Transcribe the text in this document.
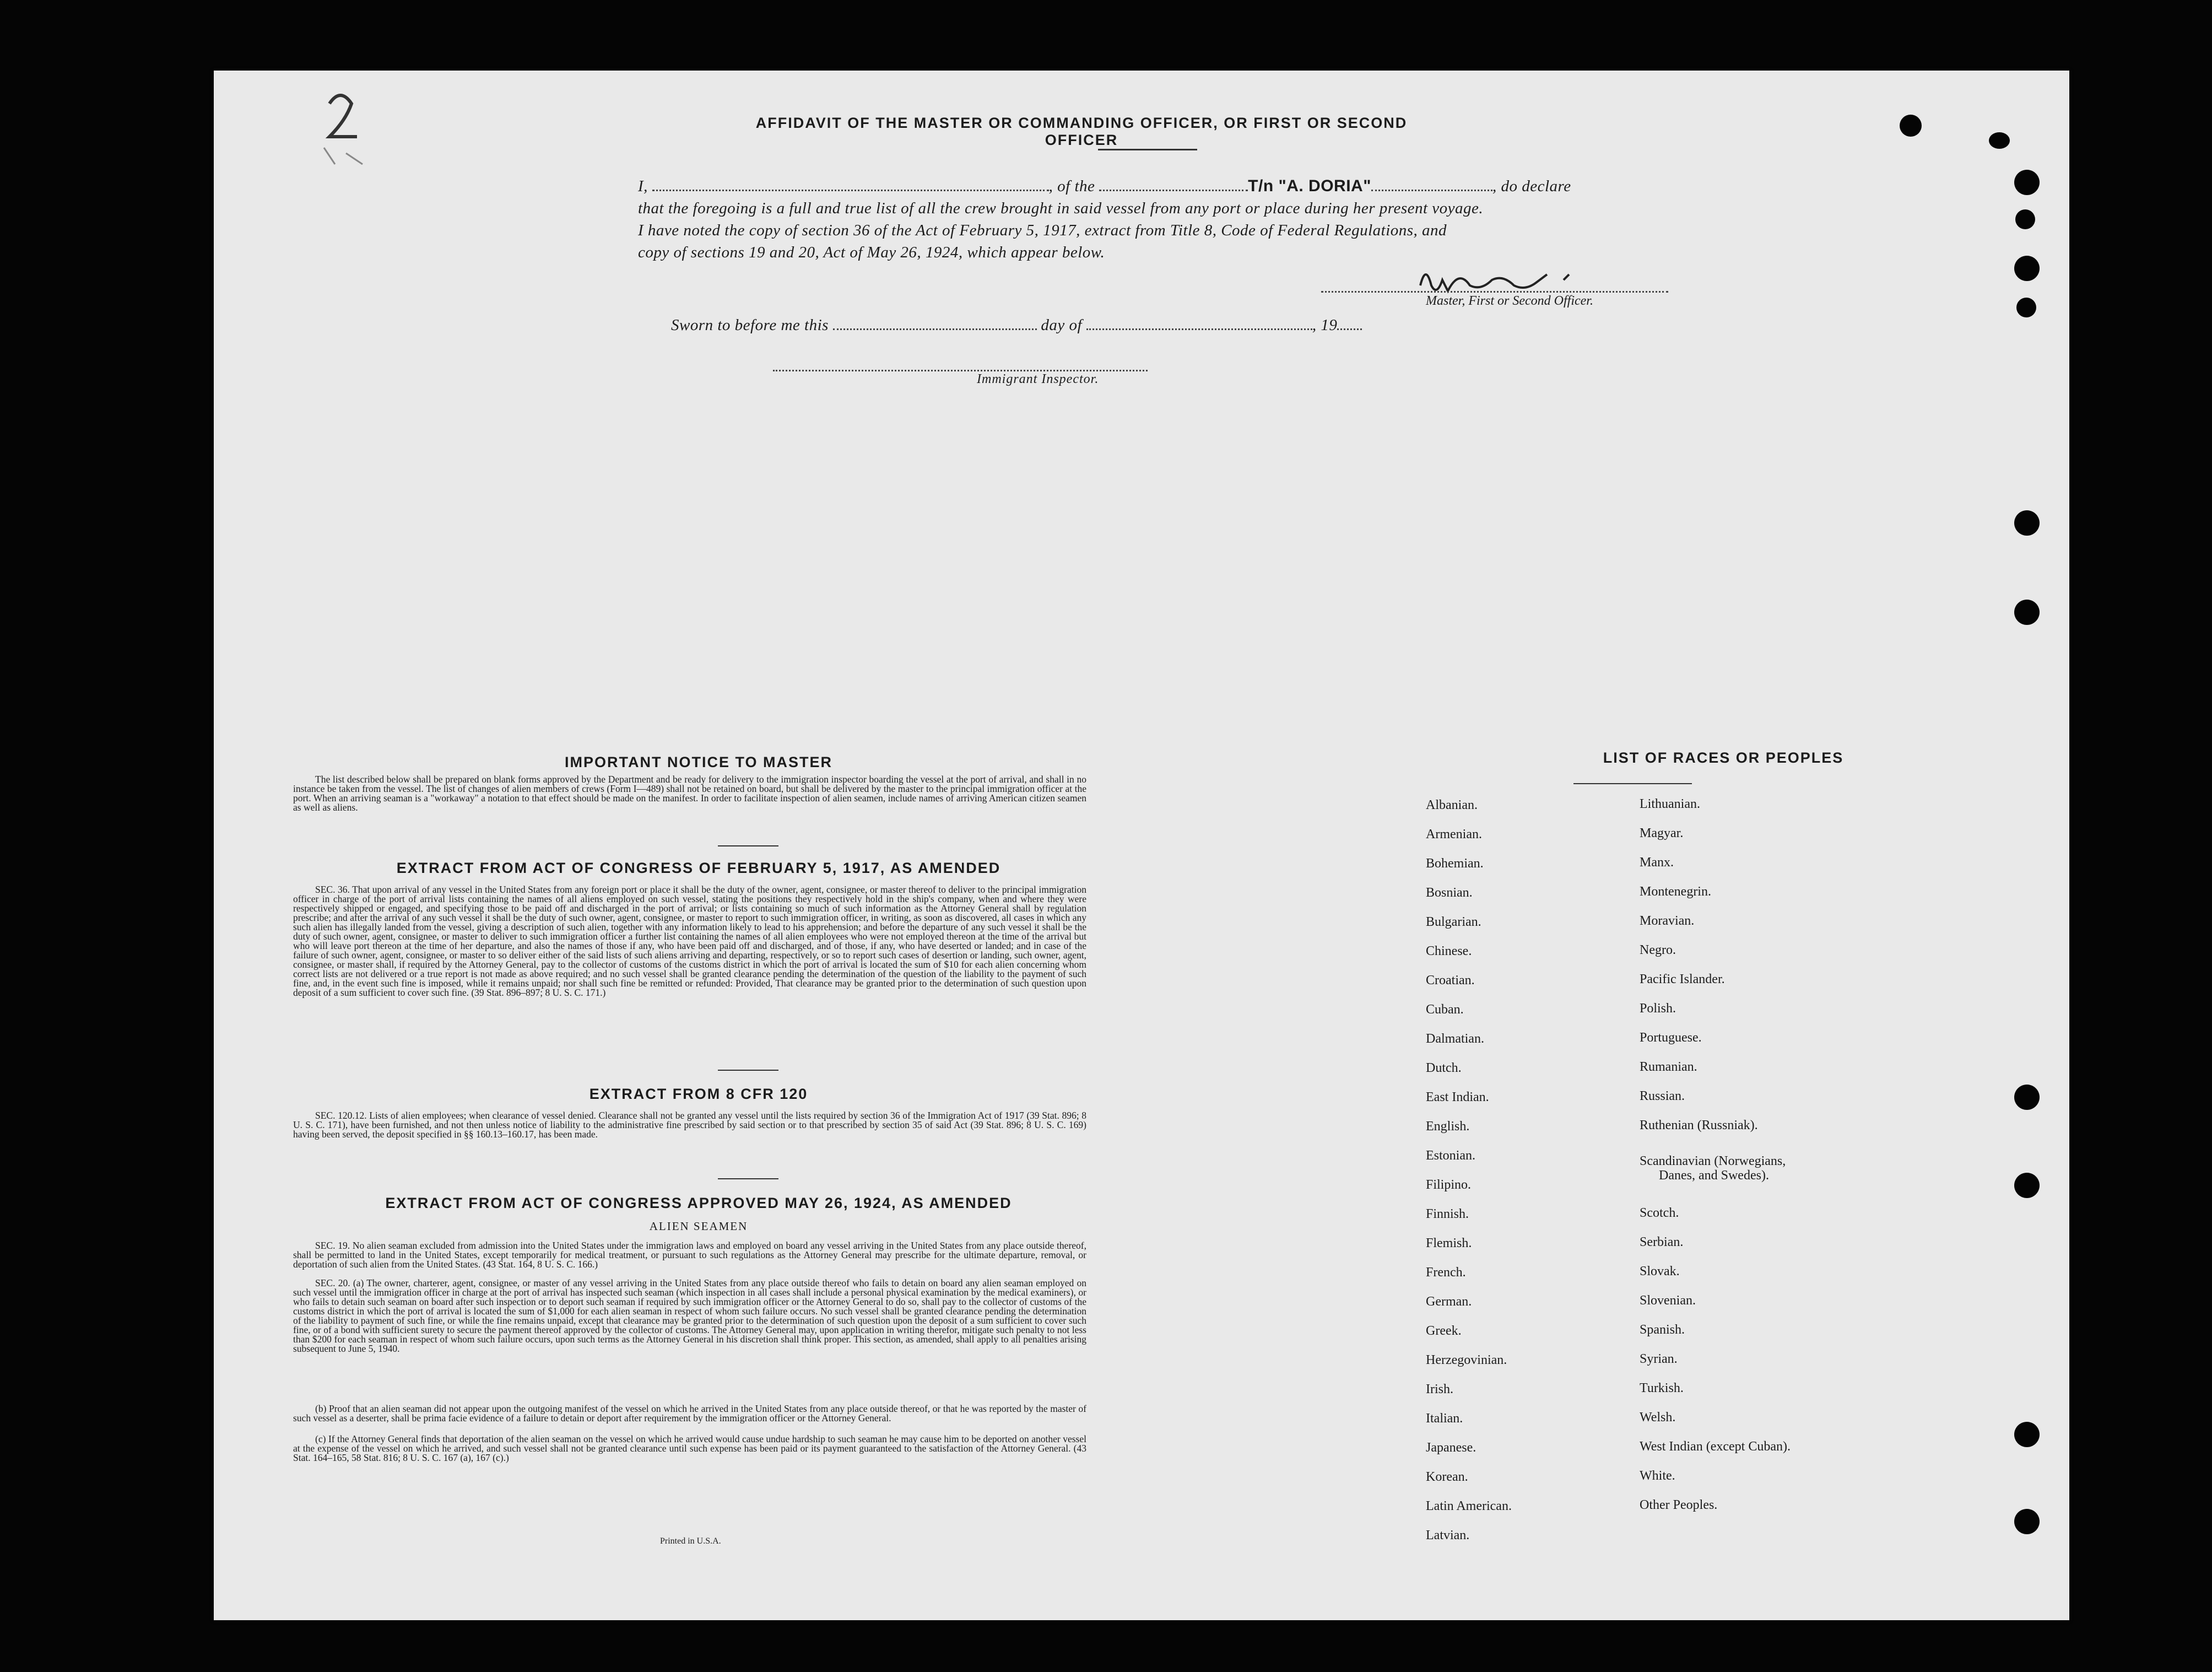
AFFIDAVIT OF THE MASTER OR COMMANDING OFFICER, OR FIRST OR SECOND OFFICER
I,	, of the	T/n "A. DORIA"	, do declare
that the foregoing is a full and true list of all the crew brought in said vessel from any port or place during her present voyage.
I have noted the copy of section 36 of the Act of February 5, 1917, extract from Title 8, Code of Federal Regulations, and
copy of sections 19 and 20, Act of May 26, 1924, which appear below.
Master, First or Second Officer.
Sworn to before me this	day of	, 19
Immigrant Inspector.
IMPORTANT NOTICE TO MASTER
The list described below shall be prepared on blank forms approved by the Department and be ready for delivery to the immigration inspector boarding the vessel at the port of arrival, and shall in no instance be taken from the vessel. The list of changes of alien members of crews (Form I—489) shall not be retained on board, but shall be delivered by the master to the principal immigration officer at the port. When an arriving seaman is a "workaway" a notation to that effect should be made on the manifest. In order to facilitate inspection of alien seamen, include names of arriving American citizen seamen as well as aliens.
EXTRACT FROM ACT OF CONGRESS OF FEBRUARY 5, 1917, AS AMENDED
SEC. 36. That upon arrival of any vessel in the United States from any foreign port or place it shall be the duty of the owner, agent, consignee, or master thereof to deliver to the principal immigration officer in charge of the port of arrival lists containing the names of all aliens employed on such vessel, stating the positions they respectively hold in the ship's company, when and where they were respectively shipped or engaged, and specifying those to be paid off and discharged in the port of arrival; or lists containing so much of such information as the Attorney General shall by regulation prescribe; and after the arrival of any such vessel it shall be the duty of such owner, agent, consignee, or master to report to such immigration officer, in writing, as soon as discovered, all cases in which any such alien has illegally landed from the vessel, giving a description of such alien, together with any information likely to lead to his apprehension; and before the departure of any such vessel it shall be the duty of such owner, agent, consignee, or master to deliver to such immigration officer a further list containing the names of all alien employees who were not employed thereon at the time of the arrival but who will leave port thereon at the time of her departure, and also the names of those if any, who have been paid off and discharged, and of those, if any, who have deserted or landed; and in case of the failure of such owner, agent, consignee, or master to so deliver either of the said lists of such aliens arriving and departing, respectively, or so to report such cases of desertion or landing, such owner, agent, consignee, or master shall, if required by the Attorney General, pay to the collector of customs of the customs district in which the port of arrival is located the sum of $10 for each alien concerning whom correct lists are not delivered or a true report is not made as above required; and no such vessel shall be granted clearance pending the determination of the question of the liability to the payment of such fine, and, in the event such fine is imposed, while it remains unpaid; nor shall such fine be remitted or refunded: Provided, That clearance may be granted prior to the determination of such question upon deposit of a sum sufficient to cover such fine. (39 Stat. 896–897; 8 U. S. C. 171.)
EXTRACT FROM 8 CFR 120
SEC. 120.12. Lists of alien employees; when clearance of vessel denied. Clearance shall not be granted any vessel until the lists required by section 36 of the Immigration Act of 1917 (39 Stat. 896; 8 U. S. C. 171), have been furnished, and not then unless notice of liability to the administrative fine prescribed by said section or to that prescribed by section 35 of said Act (39 Stat. 896; 8 U. S. C. 169) having been served, the deposit specified in §§ 160.13–160.17, has been made.
EXTRACT FROM ACT OF CONGRESS APPROVED MAY 26, 1924, AS AMENDED
ALIEN SEAMEN
SEC. 19. No alien seaman excluded from admission into the United States under the immigration laws and employed on board any vessel arriving in the United States from any place outside thereof, shall be permitted to land in the United States, except temporarily for medical treatment, or pursuant to such regulations as the Attorney General may prescribe for the ultimate departure, removal, or deportation of such alien from the United States. (43 Stat. 164, 8 U. S. C. 166.)
SEC. 20. (a) The owner, charterer, agent, consignee, or master of any vessel arriving in the United States from any place outside thereof who fails to detain on board any alien seaman employed on such vessel until the immigration officer in charge at the port of arrival has inspected such seaman (which inspection in all cases shall include a personal physical examination by the medical examiners), or who fails to detain such seaman on board after such inspection or to deport such seaman if required by such immigration officer or the Attorney General to do so, shall pay to the collector of customs of the customs district in which the port of arrival is located the sum of $1,000 for each alien seaman in respect of whom such failure occurs. No such vessel shall be granted clearance pending the determination of the liability to payment of such fine, or while the fine remains unpaid, except that clearance may be granted prior to the determination of such question upon the deposit of a sum sufficient to cover such fine, or of a bond with sufficient surety to secure the payment thereof approved by the collector of customs. The Attorney General may, upon application in writing therefor, mitigate such penalty to not less than $200 for each seaman in respect of whom such failure occurs, upon such terms as the Attorney General in his discretion shall think proper. This section, as amended, shall apply to all penalties arising subsequent to June 5, 1940.
(b) Proof that an alien seaman did not appear upon the outgoing manifest of the vessel on which he arrived in the United States from any place outside thereof, or that he was reported by the master of such vessel as a deserter, shall be prima facie evidence of a failure to detain or deport after requirement by the immigration officer or the Attorney General.
(c) If the Attorney General finds that deportation of the alien seaman on the vessel on which he arrived would cause undue hardship to such seaman he may cause him to be deported on another vessel at the expense of the vessel on which he arrived, and such vessel shall not be granted clearance until such expense has been paid or its payment guaranteed to the satisfaction of the Attorney General. (43 Stat. 164–165, 58 Stat. 816; 8 U. S. C. 167 (a), 167 (c).)
Printed in U.S.A.
LIST OF RACES OR PEOPLES
Albanian.
Armenian.
Bohemian.
Bosnian.
Bulgarian.
Chinese.
Croatian.
Cuban.
Dalmatian.
Dutch.
East Indian.
English.
Estonian.
Filipino.
Finnish.
Flemish.
French.
German.
Greek.
Herzegovinian.
Irish.
Italian.
Japanese.
Korean.
Latin American.
Latvian.
Lithuanian.
Magyar.
Manx.
Montenegrin.
Moravian.
Negro.
Pacific Islander.
Polish.
Portuguese.
Rumanian.
Russian.
Ruthenian (Russniak).
Scandinavian (Norwegians,
Danes, and Swedes).
Scotch.
Serbian.
Slovak.
Slovenian.
Spanish.
Syrian.
Turkish.
Welsh.
West Indian (except Cuban).
White.
Other Peoples.
